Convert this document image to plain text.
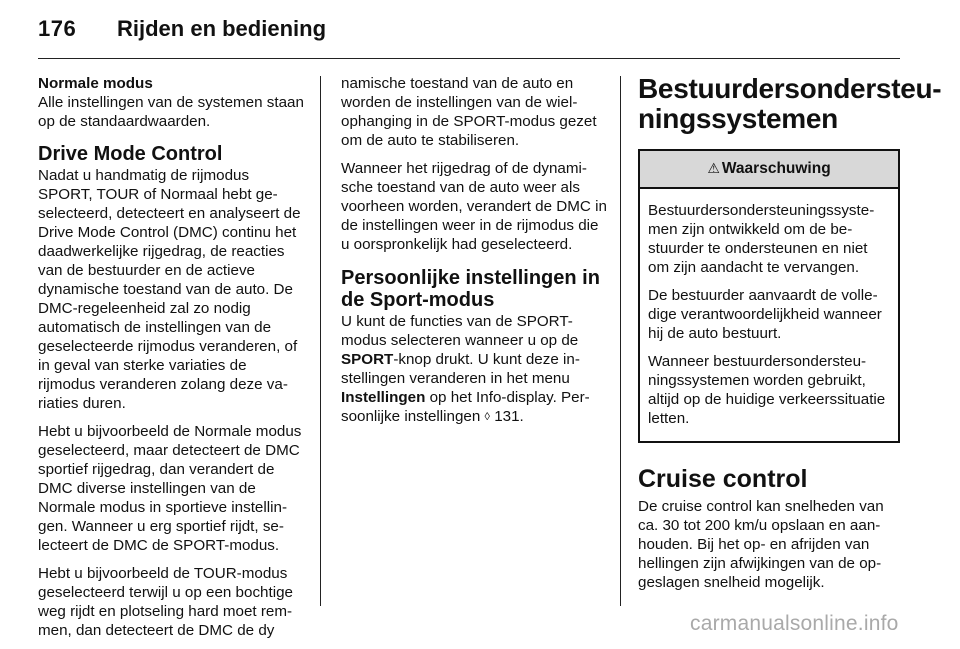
176 Rijden en bediening
Normale modus

Alle instellingen van de systemen staan op de standaardwaarden.

Drive Mode Control

Nadat u handmatig de rijmodus SPORT, TOUR of Normaal hebt geselecteerd, detecteert en analyseert de Drive Mode Control (DMC) continu het daadwerkelijke rijgedrag, de reacties van de bestuurder en de actieve dynamische toestand van de auto. De DMC-regeleenheid zal zo nodig automatisch de instellingen van de geselecteerde rijmodus veranderen, of in geval van sterke variaties de rijmodus veranderen zolang deze variaties duren.

Hebt u bijvoorbeeld de Normale modus geselecteerd, maar detecteert de DMC sportief rijgedrag, dan verandert de DMC diverse instellingen van de Normale modus in sportieve instellingen. Wanneer u erg sportief rijdt, selecteert de DMC de SPORT-modus.

Hebt u bijvoorbeeld de TOUR-modus geselecteerd terwijl u op een bochtige weg rijdt en plotseling hard moet remmen, dan detecteert de DMC de dy

namische toestand van de auto en worden de instellingen van de wielophanging in de SPORT-modus gezet om de auto te stabiliseren.

Wanneer het rijgedrag of de dynamische toestand van de auto weer als voorheen worden, verandert de DMC in de instellingen weer in de rijmodus die u oorspronkelijk had geselecteerd.

Persoonlijke instellingen in de Sport-modus

U kunt de functies van de SPORT-modus selecteren wanneer u op de SPORT-knop drukt. U kunt deze instellingen veranderen in het menu Instellingen op het Info-display. Persoonlijke instellingen ◊ 131.

Bestuurdersondersteuningssystemen
⚠ Waarschuwing

Bestuurdersondersteuningssystemen zijn ontwikkeld om de bestuurder te ondersteunen en niet om zijn aandacht te vervangen.

De bestuurder aanvaardt de volledige verantwoordelijkheid wanneer hij de auto bestuurt.

Wanneer bestuurdersondersteuningssystemen worden gebruikt, altijd op de huidige verkeerssituatie letten.

Cruise control

De cruise control kan snelheden van ca. 30 tot 200 km/u opslaan en aanhouden. Bij het op- en afrijden van hellingen zijn afwijkingen van de opgeslagen snelheid mogelijk.

carmanualsonline.info
